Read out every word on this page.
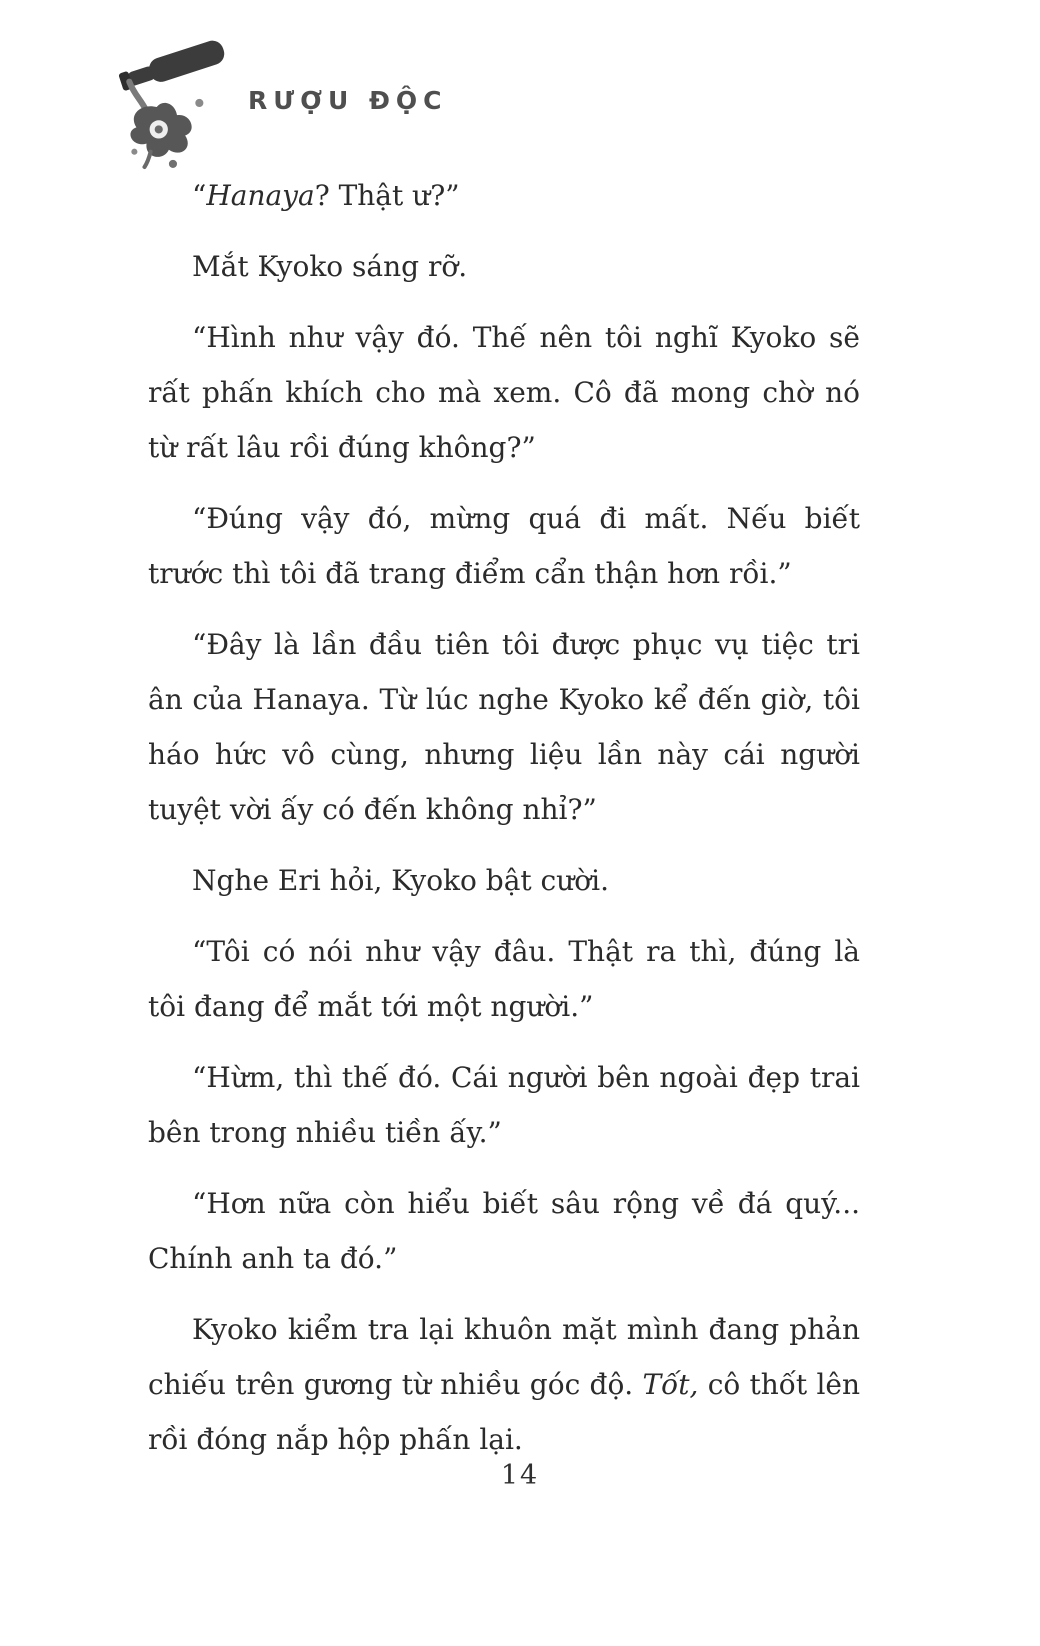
RƯỢU ĐỘC

“Hanaya? Thật ư?”

Mắt Kyoko sáng rỡ.

“Hình như vậy đó. Thế nên tôi nghĩ Kyoko sẽ rất phấn khích cho mà xem. Cô đã mong chờ nó từ rất lâu rồi đúng không?”

“Đúng vậy đó, mừng quá đi mất. Nếu biết trước thì tôi đã trang điểm cẩn thận hơn rồi.”

“Đây là lần đầu tiên tôi được phục vụ tiệc tri ân của Hanaya. Từ lúc nghe Kyoko kể đến giờ, tôi háo hức vô cùng, nhưng liệu lần này cái người tuyệt vời ấy có đến không nhỉ?”

Nghe Eri hỏi, Kyoko bật cười.

“Tôi có nói như vậy đâu. Thật ra thì, đúng là tôi đang để mắt tới một người.”

“Hừm, thì thế đó. Cái người bên ngoài đẹp trai bên trong nhiều tiền ấy.”

“Hơn nữa còn hiểu biết sâu rộng về đá quý... Chính anh ta đó.”

Kyoko kiểm tra lại khuôn mặt mình đang phản chiếu trên gương từ nhiều góc độ. Tốt, cô thốt lên rồi đóng nắp hộp phấn lại.

14
